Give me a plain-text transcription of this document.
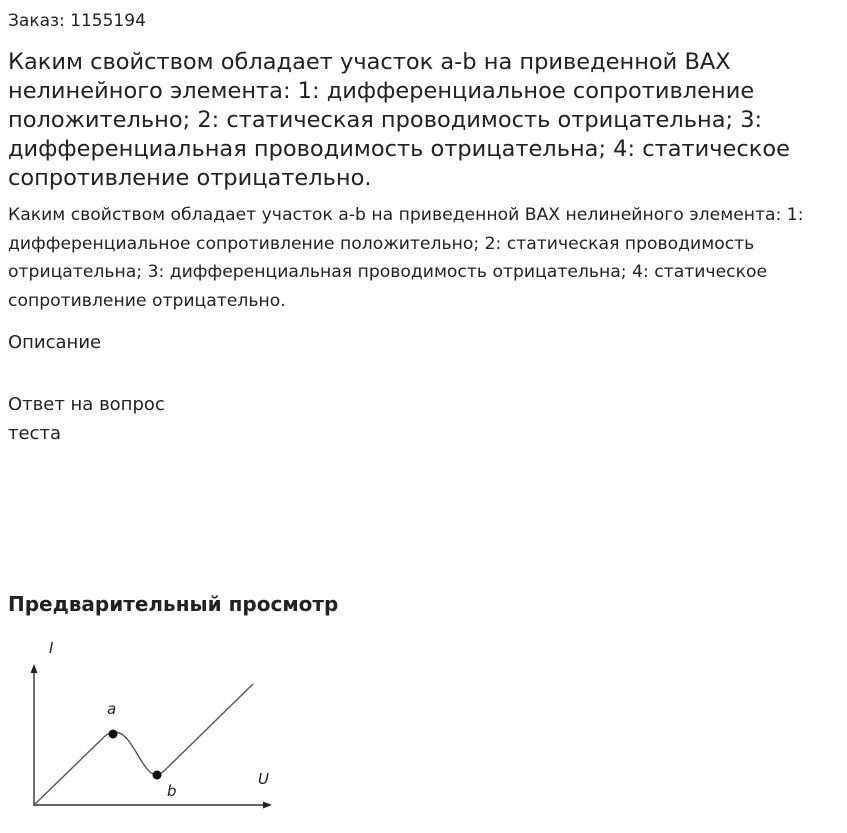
Заказ: 1155194
Каким свойством обладает участок a-b на приведенной ВАХ нелинейного элемента: 1: дифференциальное сопротивление положительно; 2: статическая проводимость отрицательна; 3: дифференциальная проводимость отрицательна; 4: статическое сопротивление отрицательно.

Каким свойством обладает участок a-b на приведенной ВАХ нелинейного элемента: 1: дифференциальное сопротивление положительно; 2: статическая проводимость отрицательна; 3: дифференциальная проводимость отрицательна; 4: статическое сопротивление отрицательно.

Описание
Ответ на вопрос теста
Предварительный просмотр
I
U
a
b
